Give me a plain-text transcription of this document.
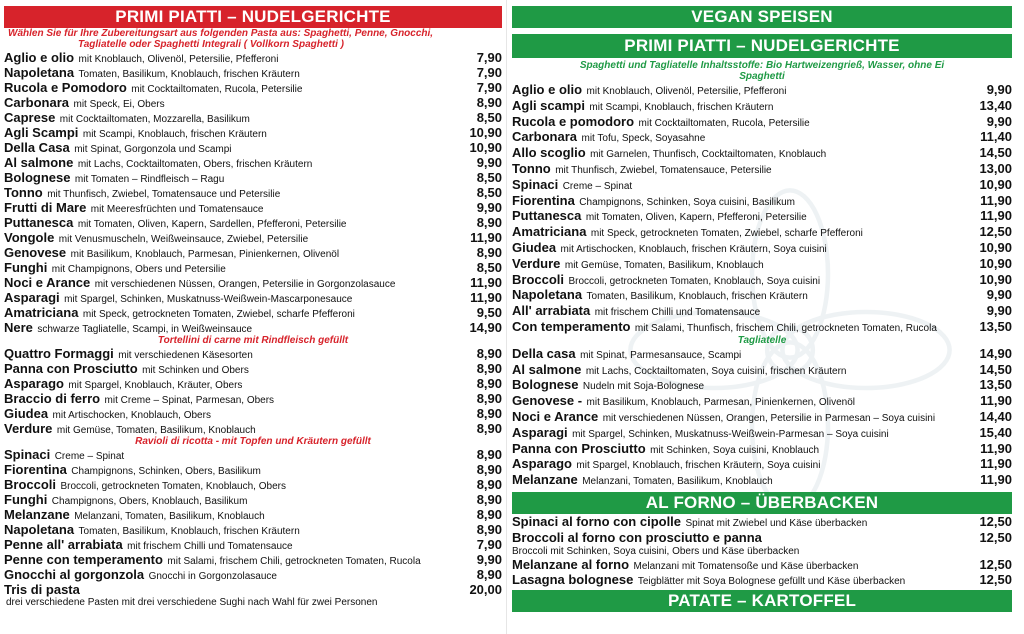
PRIMI PIATTI – NUDELGERICHTE
Wählen Sie für Ihre Zubereitungsart aus folgenden Pasta aus: Spaghetti, Penne, Gnocchi,
Tagliatelle oder Spaghetti Integrali ( Vollkorn Spaghetti )
Aglio e olio mit Knoblauch, Olivenöl, Petersilie, Pfefferoni	7,90
Napoletana Tomaten, Basilikum, Knoblauch, frischen Kräutern	7,90
Rucola e Pomodoro mit Cocktailtomaten, Rucola, Petersilie	7,90
Carbonara mit Speck, Ei, Obers	8,90
Caprese mit Cocktailtomaten, Mozzarella, Basilikum	8,50
Agli Scampi mit Scampi, Knoblauch, frischen Kräutern	10,90
Della Casa mit Spinat, Gorgonzola und Scampi	10,90
Al salmone mit Lachs, Cocktailtomaten, Obers, frischen Kräutern	9,90
Bolognese mit Tomaten – Rindfleisch – Ragu	8,50
Tonno mit Thunfisch, Zwiebel, Tomatensauce und Petersilie	8,50
Frutti di Mare mit Meeresfrüchten und Tomatensauce	9,90
Puttanesca mit Tomaten, Oliven, Kapern, Sardellen, Pfefferoni, Petersilie	8,90
Vongole mit Venusmuscheln, Weißweinsauce, Zwiebel, Petersilie	11,90
Genovese mit Basilikum, Knoblauch, Parmesan, Pinienkernen, Olivenöl	8,90
Funghi mit Champignons, Obers und Petersilie	8,50
Noci e Arance mit verschiedenen Nüssen, Orangen, Petersilie in Gorgonzolasauce	11,90
Asparagi mit Spargel, Schinken, Muskatnuss-Weißwein-Mascarponesauce	11,90
Amatriciana mit Speck, getrockneten Tomaten, Zwiebel, scharfe Pfefferoni	9,50
Nere schwarze Tagliatelle, Scampi, in Weißweinsauce	14,90
Tortellini di carne mit Rindfleisch gefüllt
Quattro Formaggi mit verschiedenen Käsesorten	8,90
Panna con Prosciutto mit Schinken und Obers	8,90
Asparago mit Spargel, Knoblauch, Kräuter, Obers	8,90
Braccio di ferro mit Creme – Spinat, Parmesan, Obers	8,90
Giudea mit Artischocken, Knoblauch, Obers	8,90
Verdure mit Gemüse, Tomaten, Basilikum, Knoblauch	8,90
Ravioli di ricotta - mit Topfen und Kräutern gefüllt
Spinaci Creme – Spinat	8,90
Fiorentina Champignons, Schinken, Obers, Basilikum	8,90
Broccoli Broccoli, getrockneten Tomaten, Knoblauch, Obers	8,90
Funghi Champignons, Obers, Knoblauch, Basilikum	8,90
Melanzane Melanzani, Tomaten, Basilikum, Knoblauch	8,90
Napoletana Tomaten, Basilikum, Knoblauch, frischen Kräutern	8,90
Penne all' arrabiata mit frischem Chilli und Tomatensauce	7,90
Penne con temperamento mit Salami, frischem Chili, getrockneten Tomaten, Rucola	9,90
Gnocchi al gorgonzola Gnocchi in Gorgonzolasauce	8,90
Tris di pasta	20,00
drei verschiedene Pasten mit drei verschiedene Sughi nach Wahl für zwei Personen
VEGAN SPEISEN
PRIMI PIATTI – NUDELGERICHTE
Spaghetti und Tagliatelle Inhaltsstoffe: Bio Hartweizengrieß, Wasser, ohne Ei
Spaghetti
Aglio e olio mit Knoblauch, Olivenöl, Petersilie, Pfefferoni	9,90
Agli scampi mit Scampi, Knoblauch, frischen Kräutern	13,40
Rucola e pomodoro mit Cocktailtomaten, Rucola, Petersilie	9,90
Carbonara mit Tofu, Speck, Soyasahne	11,40
Allo scoglio mit Garnelen, Thunfisch, Cocktailtomaten, Knoblauch	14,50
Tonno mit Thunfisch, Zwiebel, Tomatensauce, Petersilie	13,00
Spinaci Creme – Spinat	10,90
Fiorentina Champignons, Schinken, Soya cuisini, Basilikum	11,90
Puttanesca mit Tomaten, Oliven, Kapern, Pfefferoni, Petersilie	11,90
Amatriciana mit Speck, getrockneten Tomaten, Zwiebel, scharfe Pfefferoni	12,50
Giudea mit Artischocken, Knoblauch, frischen Kräutern, Soya cuisini	10,90
Verdure mit Gemüse, Tomaten, Basilikum, Knoblauch	10,90
Broccoli Broccoli, getrockneten Tomaten, Knoblauch, Soya cuisini	10,90
Napoletana Tomaten, Basilikum, Knoblauch, frischen Kräutern	9,90
All' arrabiata mit frischem Chilli und Tomatensauce	9,90
Con temperamento mit Salami, Thunfisch, frischem Chili, getrockneten Tomaten, Rucola	13,50
Tagliatelle
Della casa mit Spinat, Parmesansauce, Scampi	14,90
Al salmone mit Lachs, Cocktailtomaten, Soya cuisini, frischen Kräutern	14,50
Bolognese Nudeln mit Soja-Bolognese	13,50
Genovese - mit Basilikum, Knoblauch, Parmesan, Pinienkernen, Olivenöl	11,90
Noci e Arance mit verschiedenen Nüssen, Orangen, Petersilie in Parmesan – Soya cuisini	14,40
Asparagi mit Spargel, Schinken, Muskatnuss-Weißwein-Parmesan – Soya cuisini	15,40
Panna con Prosciutto mit Schinken, Soya cuisini, Knoblauch	11,90
Asparago mit Spargel, Knoblauch, frischen Kräutern, Soya cuisini	11,90
Melanzane Melanzani, Tomaten, Basilikum, Knoblauch	11,90
AL FORNO – ÜBERBACKEN
Spinaci al forno con cipolle Spinat mit Zwiebel und Käse überbacken	12,50
Broccoli al forno con prosciutto e panna	12,50
Broccoli mit Schinken, Soya cuisini, Obers und Käse überbacken
Melanzane al forno Melanzani mit Tomatensoße und Käse überbacken	12,50
Lasagna bolognese Teigblätter mit Soya Bolognese gefüllt und Käse überbacken	12,50
PATATE – KARTOFFEL
